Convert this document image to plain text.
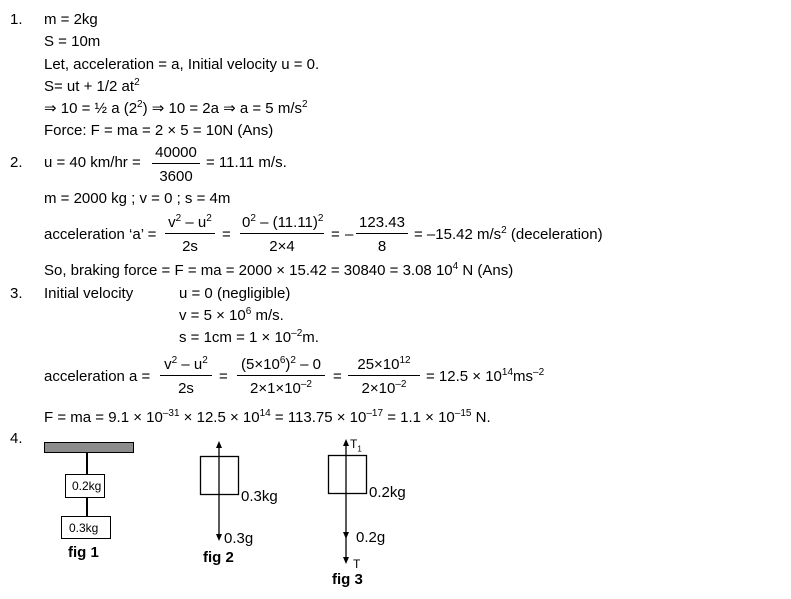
1. m = 2kg
S = 10m
Let, acceleration = a, Initial velocity u = 0.
S= ut + 1/2 $at^2$
⇒ 10 = ½ a $(2^2)$ ⇒ 10 = 2a ⇒ a = 5 $m/s^2$
Force: F = ma = 2 × 5 = 10N (Ans)
2. u = 40 km/hr =
40000
3600
= 11.11 m/s.
m = 2000 kg ; v = 0 ; s = 4m
acceleration ‘a’ =
$v^2 - u^2$
2s
=
$0^2 - (11.11)^2$
2×4
= –
123.43
8
= –15.42 $m/s^2$ (deceleration)
So, braking force = F = ma = 2000 × 15.42 = 30840 = 3.08 $10^4$ N (Ans)
3. Initial velocity	u = 0 (negligible)
$v = 5 \times 10^6$ m/s.
$s = 1cm = 1 \times 10^{-2}m$.
acceleration a =
$v^2 - u^2$
2s
=
$(5\times 10^6)^2 - 0$
$2\times 1\times 10^{-2}$	=
$25\times 10^{12}$
$2\times 10^{-2}$	= $12.5 \times 10^{14}ms^{-2}$
F = ma = $9.1 \times 10^{-31} \times 12.5 \times 10^{14} = 113.75 \times 10^{-17} = 1.1 \times 10^{-15}$ N.
4.
0.2kg
0.3kg
fig 1
0.3kg
0.3g
fig 2
$T_1$
0.2kg
0.2g
T
fig 3
